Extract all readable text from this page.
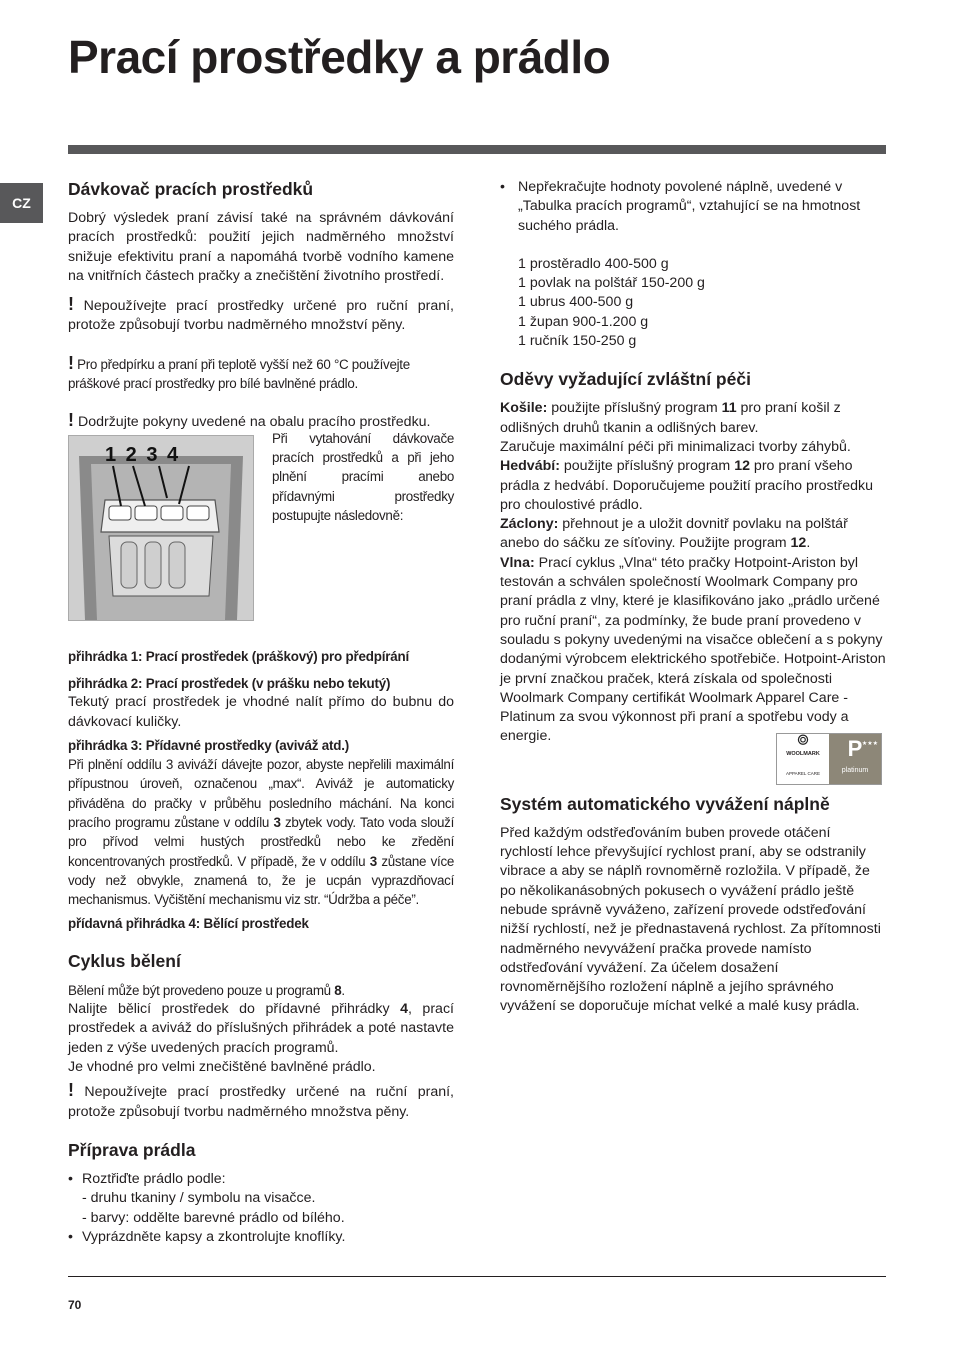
Prací prostředky a prádlo
CZ
Dávkovač pracích prostředků

Dobrý výsledek praní závisí také na správném dávkování pracích prostředků: použití jejich nadměrného množství snižuje efektivitu praní a napomáhá tvorbě vodního kamene na vnitřních částech pračky a znečištění životního prostředí.

! Nepoužívejte prací prostředky určené pro ruční praní, protože způsobují tvorbu nadměrného množství pěny.

! Pro předpírku a praní při teplotě vyšší než 60 °C používejte práškové prací prostředky pro bílé bavlněné prádlo.

! Dodržujte pokyny uvedené na obalu pracího prostředku.

1 2 3 4

Při vytahování dávkovače pracích prostředků a při jeho plnění pracími anebo přídavnými prostředky postupujte následovně:

přihrádka 1: Prací prostředek (práškový) pro předpírání

přihrádka 2: Prací prostředek (v prášku nebo tekutý)

Tekutý prací prostředek je vhodné nalít přímo do bubnu do dávkovací kuličky.

přihrádka 3: Přídavné prostředky (aviváž atd.)

Při plnění oddílu 3 aviváží dávejte pozor, abyste nepřelili maximální přípustnou úroveň, označenou „max“. Aviváž je automaticky přiváděna do pračky v průběhu posledního máchání. Na konci pracího programu zůstane v oddílu 3 zbytek vody. Tato voda slouží pro přívod velmi hustých prostředků nebo ke zředění koncentrovaných prostředků. V případě, že v oddílu 3 zůstane více vody než obvykle, znamená to, že je ucpán vyprazdňovací mechanismus. Vyčištění mechanismu viz str. “Údržba a péče”.

přídavná přihrádka 4: Bělící prostředek

Cyklus bělení

Bělení může být provedeno pouze u programů 8.

Nalijte bělicí prostředek do přídavné přihrádky 4, prací prostředek a aviváž do příslušných přihrádek a poté nastavte jeden z výše uvedených pracích programů.

Je vhodné pro velmi znečištěné bavlněné prádlo.

! Nepoužívejte prací prostředky určené na ruční praní, protože způsobují tvorbu nadměrného množstva pěny.

Příprava prádla
• Roztřiďte prádlo podle:
- druhu tkaniny / symbolu na visačce.
- barvy: oddělte barevné prádlo od bílého.
• Vyprázdněte kapsy a zkontrolujte knoflíky.
• Nepřekračujte hodnoty povolené náplně, uvedené v „Tabulka pracích programů“, vztahující se na hmotnost suchého prádla.

1 prostěradlo 400-500 g

1 povlak na polštář 150-200 g

1 ubrus 400-500 g

1 župan 900-1.200 g

1 ručník 150-250 g

Oděvy vyžadující zvláštní péči

Košile: použijte příslušný program 11 pro praní košil z odlišných druhů tkanin a odlišných barev.

Zaručuje maximální péči při minimalizaci tvorby záhybů.

Hedvábí: použijte příslušný program 12 pro praní všeho prádla z hedvábí. Doporučujeme použití pracího prostředku pro choulostivé prádlo.

Záclony: přehnout je a uložit dovnitř povlaku na polštář anebo do sáčku ze síťoviny. Použijte program 12.

Vlna: Prací cyklus „Vlna“ této pračky Hotpoint-Ariston byl testován a schválen společností Woolmark Company pro praní prádla z vlny, které je klasifikováno jako „prádlo určené pro ruční praní“, za podmínky, že bude praní provedeno v souladu s pokyny uvedenými na visačce oblečení a s pokyny dodanými výrobcem elektrického spotřebiče. Hotpoint-Ariston je první značkou praček, která získala od společnosti Woolmark Company certifikát Woolmark Apparel Care - Platinum za svou výkonnost při praní a spotřebu vody a energie.

WOOLMARK
APPAREL CARE
★★★
P
platinum
Systém automatického vyvážení náplně

Před každým odstřeďováním buben provede otáčení rychlostí lehce převyšující rychlost praní, aby se odstranily vibrace a aby se náplň rovnoměrně rozložila. V případě, že po několikanásobných pokusech o vyvážení prádlo ještě nebude správně vyváženo, zařízení provede odstřeďování nižší rychlostí, než je přednastavená rychlost. Za přítomnosti nadměrného nevyvážení pračka provede namísto odstřeďování vyvážení. Za účelem dosažení rovnoměrnějšího rozložení náplně a jejího správného vyvážení se doporučuje míchat velké a malé kusy prádla.

70
